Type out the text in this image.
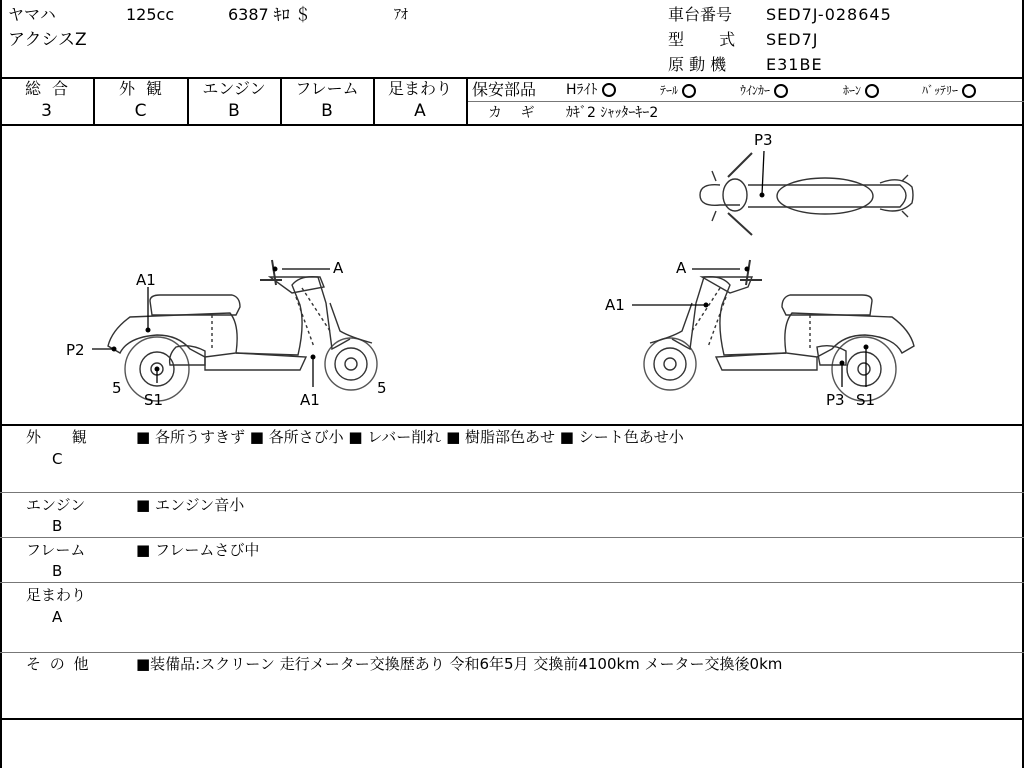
ヤマハ	125cc	6387 ｷﾛ ＄	ｱｵ
アクシスZ
車台番号 SED7J-028645
型 式 SED7J
原 動 機 E31BE
総 合
3
外 観
C
エンジン
B
フレーム
B
足まわり
A
保安部品 Hﾗｲﾄ	ﾃｰﾙ	ｳｲﾝｶｰ	ﾎｰﾝ	ﾊﾞｯﾃﾘｰ
カ ギ ｶｷﾞ2 ｼｬｯﾀｰｷｰ2
P3
A
A1
P2
5
S1	A1
5
A
A1
P3 S1
外 観
C
■ 各所うすきず ■ 各所さび小 ■ レバー削れ ■ 樹脂部色あせ ■ シート色あせ小
エンジン
B
■ エンジン音小
フレーム
B
■ フレームさび中
足まわり
A
そ の 他	■装備品:スクリーン 走行メーター交換歴あり 令和6年5月 交換前4100km メーター交換後0km
